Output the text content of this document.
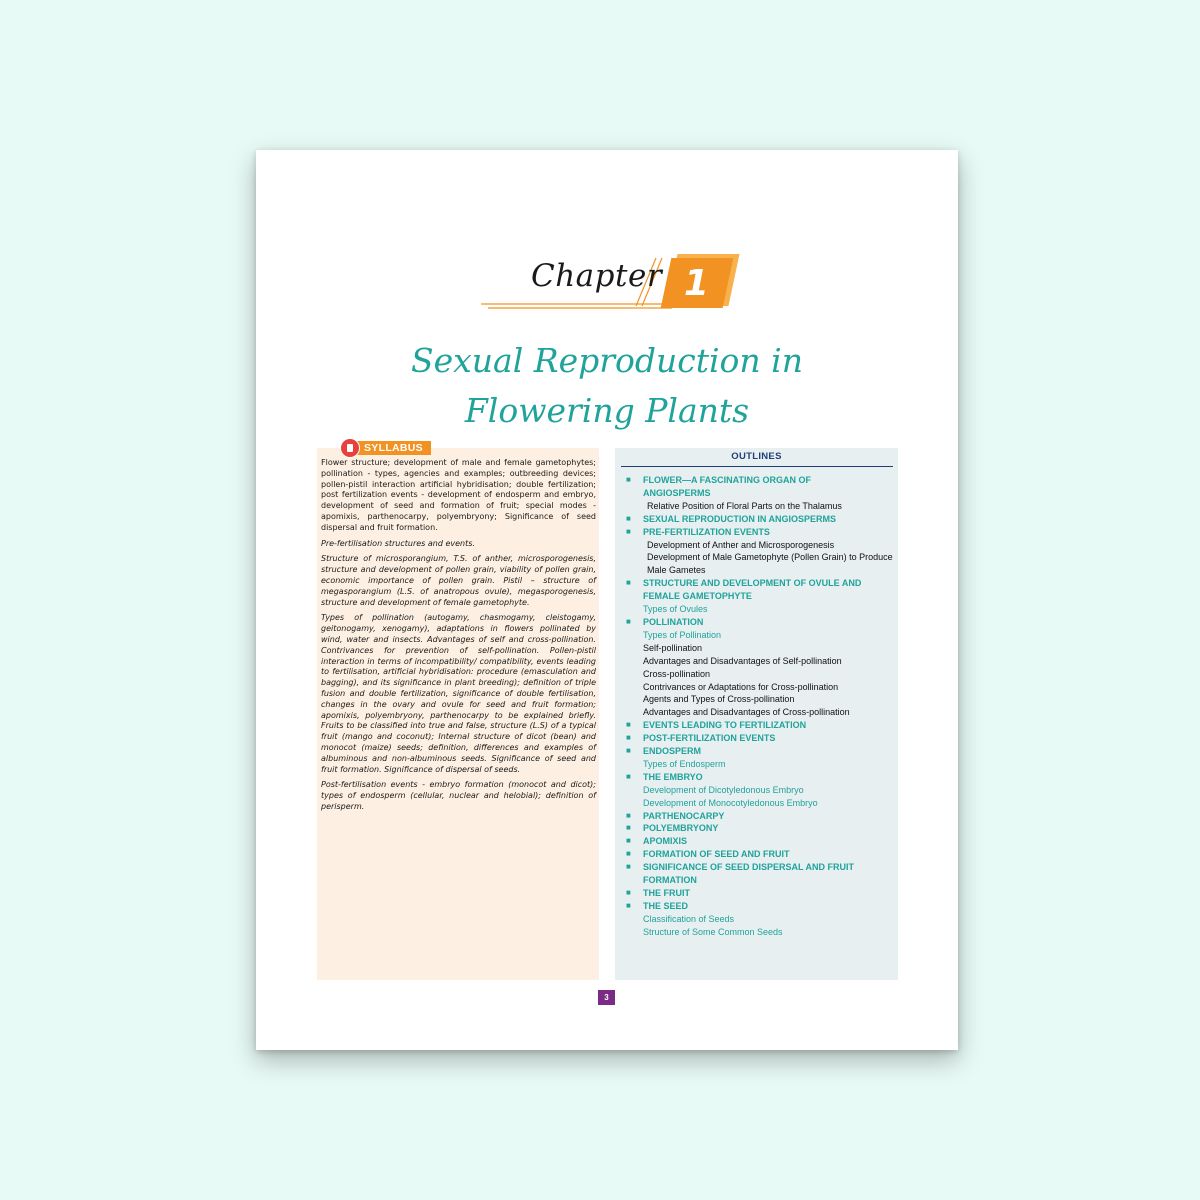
Chapter 1
Sexual Reproduction in
Flowering Plants

Flower structure; development of male and female gametophytes; pollination - types, agencies and examples; outbreeding devices; pollen-pistil interaction artificial hybridisation; double fertilization; post fertilization events - development of endosperm and embryo, development of seed and formation of fruit; special modes - apomixis, parthenocarpy, polyembryony; Significance of seed dispersal and fruit formation.

Pre-fertilisation structures and events.

Structure of microsporangium, T.S. of anther, microsporogenesis, structure and development of pollen grain, viability of pollen grain, economic importance of pollen grain. Pistil – structure of megasporangium (L.S. of anatropous ovule), megasporogenesis, structure and development of female gametophyte.

Types of pollination (autogamy, chasmogamy, cleistogamy, geitonogamy, xenogamy), adaptations in flowers pollinated by wind, water and insects. Advantages of self and cross-pollination. Contrivances for prevention of self-pollination. Pollen-pistil interaction in terms of incompatibility/ compatibility, events leading to fertilisation, artificial hybridisation: procedure (emasculation and bagging), and its significance in plant breeding); definition of triple fusion and double fertilization, significance of double fertilisation, changes in the ovary and ovule for seed and fruit formation; apomixis, polyembryony, parthenocarpy to be explained briefly. Fruits to be classified into true and false, structure (L.S) of a typical fruit (mango and coconut); Internal structure of dicot (bean) and monocot (maize) seeds; definition, differences and examples of albuminous and non-albuminous seeds. Significance of seed and fruit formation. Significance of dispersal of seeds.

Post-fertilisation events - embryo formation (monocot and dicot); types of endosperm (cellular, nuclear and helobial); definition of perisperm.

SYLLABUS
OUTLINES
■ FLOWER—A FASCINATING ORGAN OF
ANGIOSPERMS
Relative Position of Floral Parts on the Thalamus
■ SEXUAL REPRODUCTION IN ANGIOSPERMS
■ PRE-FERTILIZATION EVENTS
Development of Anther and Microsporogenesis
Development of Male Gametophyte (Pollen Grain) to Produce
Male Gametes
■ STRUCTURE AND DEVELOPMENT OF OVULE AND
FEMALE GAMETOPHYTE
Types of Ovules
■ POLLINATION
Types of Pollination
Self-pollination
Advantages and Disadvantages of Self-pollination
Cross-pollination
Contrivances or Adaptations for Cross-pollination
Agents and Types of Cross-pollination
Advantages and Disadvantages of Cross-pollination
■ EVENTS LEADING TO FERTILIZATION
■ POST-FERTILIZATION EVENTS
■ ENDOSPERM
Types of Endosperm
■ THE EMBRYO
Development of Dicotyledonous Embryo
Development of Monocotyledonous Embryo
■ PARTHENOCARPY
■ POLYEMBRYONY
■ APOMIXIS
■ FORMATION OF SEED AND FRUIT
■ SIGNIFICANCE OF SEED DISPERSAL AND FRUIT
FORMATION
■ THE FRUIT
■ THE SEED
Classification of Seeds
Structure of Some Common Seeds
3
